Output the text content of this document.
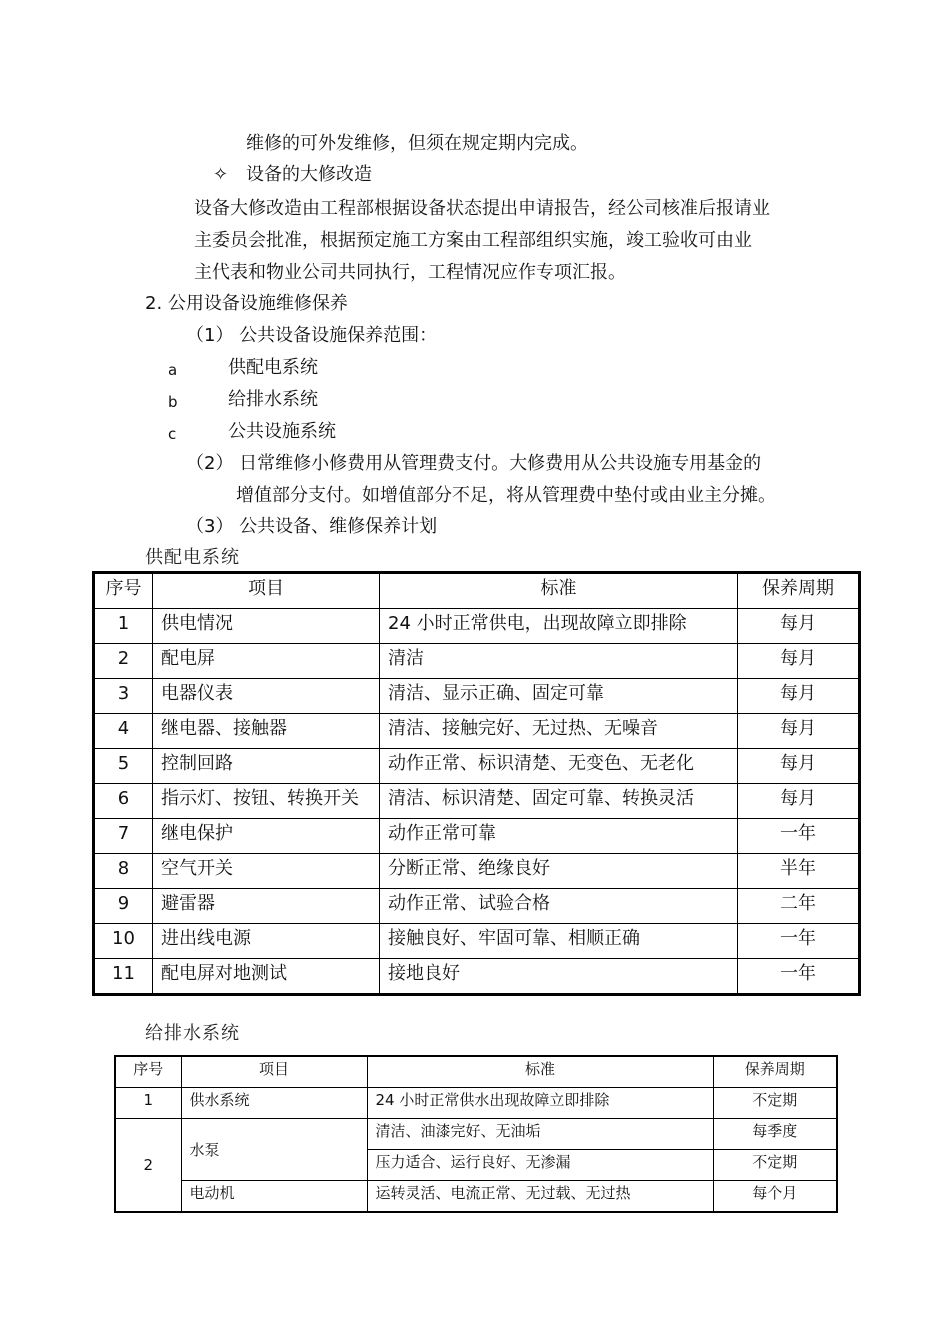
维修的可外发维修，但须在规定期内完成。
✧ 设备的大修改造
设备大修改造由工程部根据设备状态提出申请报告，经公司核准后报请业
主委员会批准，根据预定施工方案由工程部组织实施，竣工验收可由业
主代表和物业公司共同执行，工程情况应作专项汇报。
2. 公用设备设施维修保养
（1） 公共设备设施保养范围：
a	供配电系统
b	给排水系统
c	公共设施系统
（2） 日常维修小修费用从管理费支付。大修费用从公共设施专用基金的
增值部分支付。如增值部分不足，将从管理费中垫付或由业主分摊。
（3） 公共设备、维修保养计划
供配电系统
序号	项目	标准	保养周期
1	供电情况	24 小时正常供电，出现故障立即排除	每月
2	配电屏	清洁	每月
3	电器仪表	清洁、显示正确、固定可靠	每月
4	继电器、接触器	清洁、接触完好、无过热、无噪音	每月
5	控制回路	动作正常、标识清楚、无变色、无老化	每月
6	指示灯、按钮、转换开关	清洁、标识清楚、固定可靠、转换灵活	每月
7	继电保护	动作正常可靠	一年
8	空气开关	分断正常、绝缘良好	半年
9	避雷器	动作正常、试验合格	二年
10	进出线电源	接触良好、牢固可靠、相顺正确	一年
11	配电屏对地测试	接地良好	一年
给排水系统
序号	项目	标准	保养周期
1	供水系统	24 小时正常供水出现故障立即排除	不定期
2	水泵	清洁、油漆完好、无油垢	每季度
		压力适合、运行良好、无渗漏	不定期
	电动机	运转灵活、电流正常、无过载、无过热	每个月
